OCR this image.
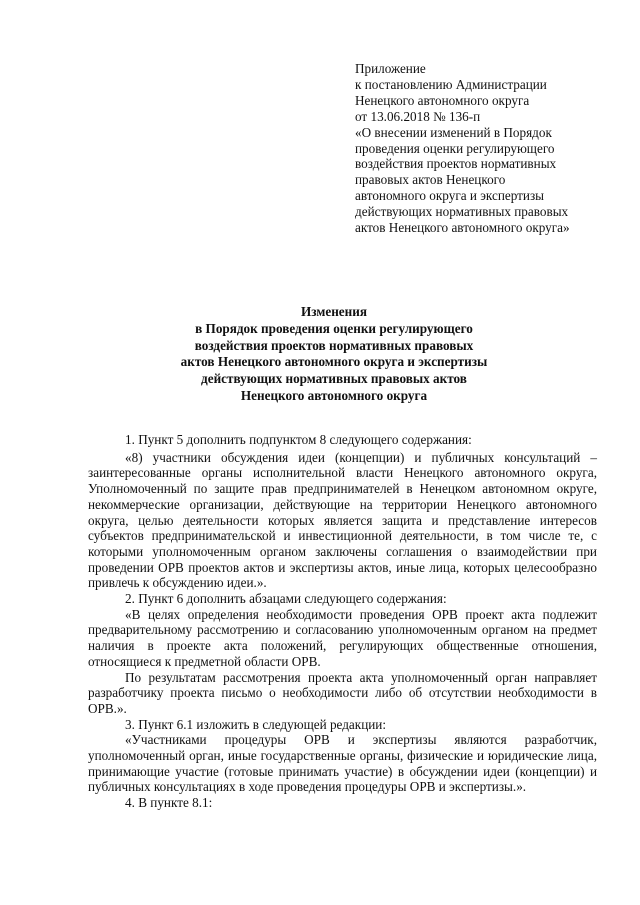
Приложение
к постановлению Администрации
Ненецкого автономного округа
от 13.06.2018 № 136-п
«О внесении изменений в Порядок
проведения оценки регулирующего
воздействия проектов нормативных
правовых актов Ненецкого
автономного округа и экспертизы
действующих нормативных правовых
актов Ненецкого автономного округа»
Изменения
в Порядок проведения оценки регулирующего
воздействия проектов нормативных правовых
актов Ненецкого автономного округа и экспертизы
действующих нормативных правовых актов
Ненецкого автономного округа

1. Пункт 5 дополнить подпунктом 8 следующего содержания:

«8) участники обсуждения идеи (концепции) и публичных консультаций – заинтересованные органы исполнительной власти Ненецкого автономного округа, Уполномоченный по защите прав предпринимателей в Ненецком автономном округе, некоммерческие организации, действующие на территории Ненецкого автономного округа, целью деятельности которых является защита и представление интересов субъектов предпринимательской и инвестиционной деятельности, в том числе те, с которыми уполномоченным органом заключены соглашения о взаимодействии при проведении ОРВ проектов актов и экспертизы актов, иные лица, которых целесообразно привлечь к обсуждению идеи.».

2. Пункт 6 дополнить абзацами следующего содержания:

«В целях определения необходимости проведения ОРВ проект акта подлежит предварительному рассмотрению и согласованию уполномоченным органом на предмет наличия в проекте акта положений, регулирующих общественные отношения, относящиеся к предметной области ОРВ.

По результатам рассмотрения проекта акта уполномоченный орган направляет разработчику проекта письмо о необходимости либо об отсутствии необходимости в ОРВ.».

3. Пункт 6.1 изложить в следующей редакции:

«Участниками процедуры ОРВ и экспертизы являются разработчик, уполномоченный орган, иные государственные органы, физические и юридические лица, принимающие участие (готовые принимать участие) в обсуждении идеи (концепции) и публичных консультациях в ходе проведения процедуры ОРВ и экспертизы.».

4. В пункте 8.1:
